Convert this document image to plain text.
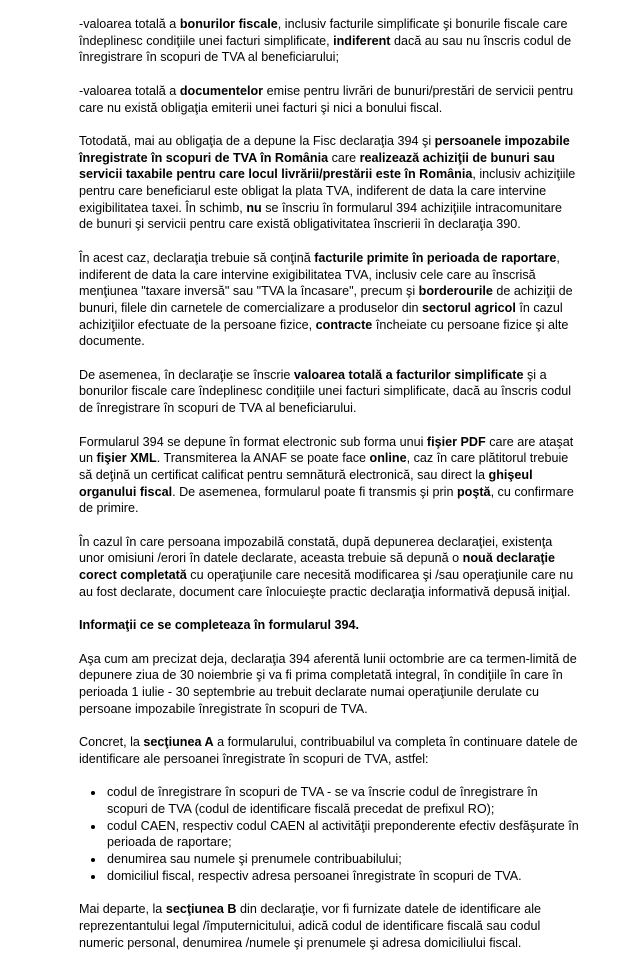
-valoarea totală a bonurilor fiscale, inclusiv facturile simplificate şi bonurile fiscale care îndeplinesc condiţiile unei facturi simplificate, indiferent dacă au sau nu înscris codul de înregistrare în scopuri de TVA al beneficiarului;

-valoarea totală a documentelor emise pentru livrări de bunuri/prestări de servicii pentru care nu există obligaţia emiterii unei facturi şi nici a bonului fiscal.

Totodată, mai au obligaţia de a depune la Fisc declaraţia 394 şi persoanele impozabile înregistrate în scopuri de TVA în România care realizează achiziţii de bunuri sau servicii taxabile pentru care locul livrării/prestării este în România, inclusiv achiziţiile pentru care beneficiarul este obligat la plata TVA, indiferent de data la care intervine exigibilitatea taxei. În schimb, nu se înscriu în formularul 394 achiziţiile intracomunitare de bunuri şi servicii pentru care există obligativitatea înscrierii în declaraţia 390.

În acest caz, declaraţia trebuie să conţină facturile primite în perioada de raportare, indiferent de data la care intervine exigibilitatea TVA, inclusiv cele care au înscrisă menţiunea "taxare inversă" sau "TVA la încasare", precum şi borderourile de achiziţii de bunuri, filele din carnetele de comercializare a produselor din sectorul agricol în cazul achiziţiilor efectuate de la persoane fizice, contracte încheiate cu persoane fizice şi alte documente.

De asemenea, în declaraţie se înscrie valoarea totală a facturilor simplificate şi a bonurilor fiscale care îndeplinesc condiţiile unei facturi simplificate, dacă au înscris codul de înregistrare în scopuri de TVA al beneficiarului.

Formularul 394 se depune în format electronic sub forma unui fişier PDF care are ataşat un fişier XML. Transmiterea la ANAF se poate face online, caz în care plătitorul trebuie să deţină un certificat calificat pentru semnătură electronică, sau direct la ghişeul organului fiscal. De asemenea, formularul poate fi transmis şi prin poştă, cu confirmare de primire.

În cazul în care persoana impozabilă constată, după depunerea declaraţiei, existenţa unor omisiuni /erori în datele declarate, aceasta trebuie să depună o nouă declaraţie corect completată cu operaţiunile care necesită modificarea şi /sau operaţiunile care nu au fost declarate, document care înlocuieşte practic declaraţia informativă depusă iniţial.

Informaţii ce se completeaza în formularul 394.

Aşa cum am precizat deja, declaraţia 394 aferentă lunii octombrie are ca termen-limită de depunere ziua de 30 noiembrie şi va fi prima completată integral, în condiţiile în care în perioada 1 iulie - 30 septembrie au trebuit declarate numai operaţiunile derulate cu persoane impozabile înregistrate în scopuri de TVA.

Concret, la secţiunea A a formularului, contribuabilul va completa în continuare datele de identificare ale persoanei înregistrate în scopuri de TVA, astfel:

• codul de înregistrare în scopuri de TVA - se va înscrie codul de înregistrare în scopuri de TVA (codul de identificare fiscală precedat de prefixul RO);
• codul CAEN, respectiv codul CAEN al activităţii preponderente efectiv desfăşurate în perioada de raportare;
• denumirea sau numele şi prenumele contribuabilului;
• domiciliul fiscal, respectiv adresa persoanei înregistrate în scopuri de TVA.

Mai departe, la secţiunea B din declaraţie, vor fi furnizate datele de identificare ale reprezentantului legal /împuternicitului, adică codul de identificare fiscală sau codul numeric personal, denumirea /numele şi prenumele şi adresa domiciliului fiscal.
